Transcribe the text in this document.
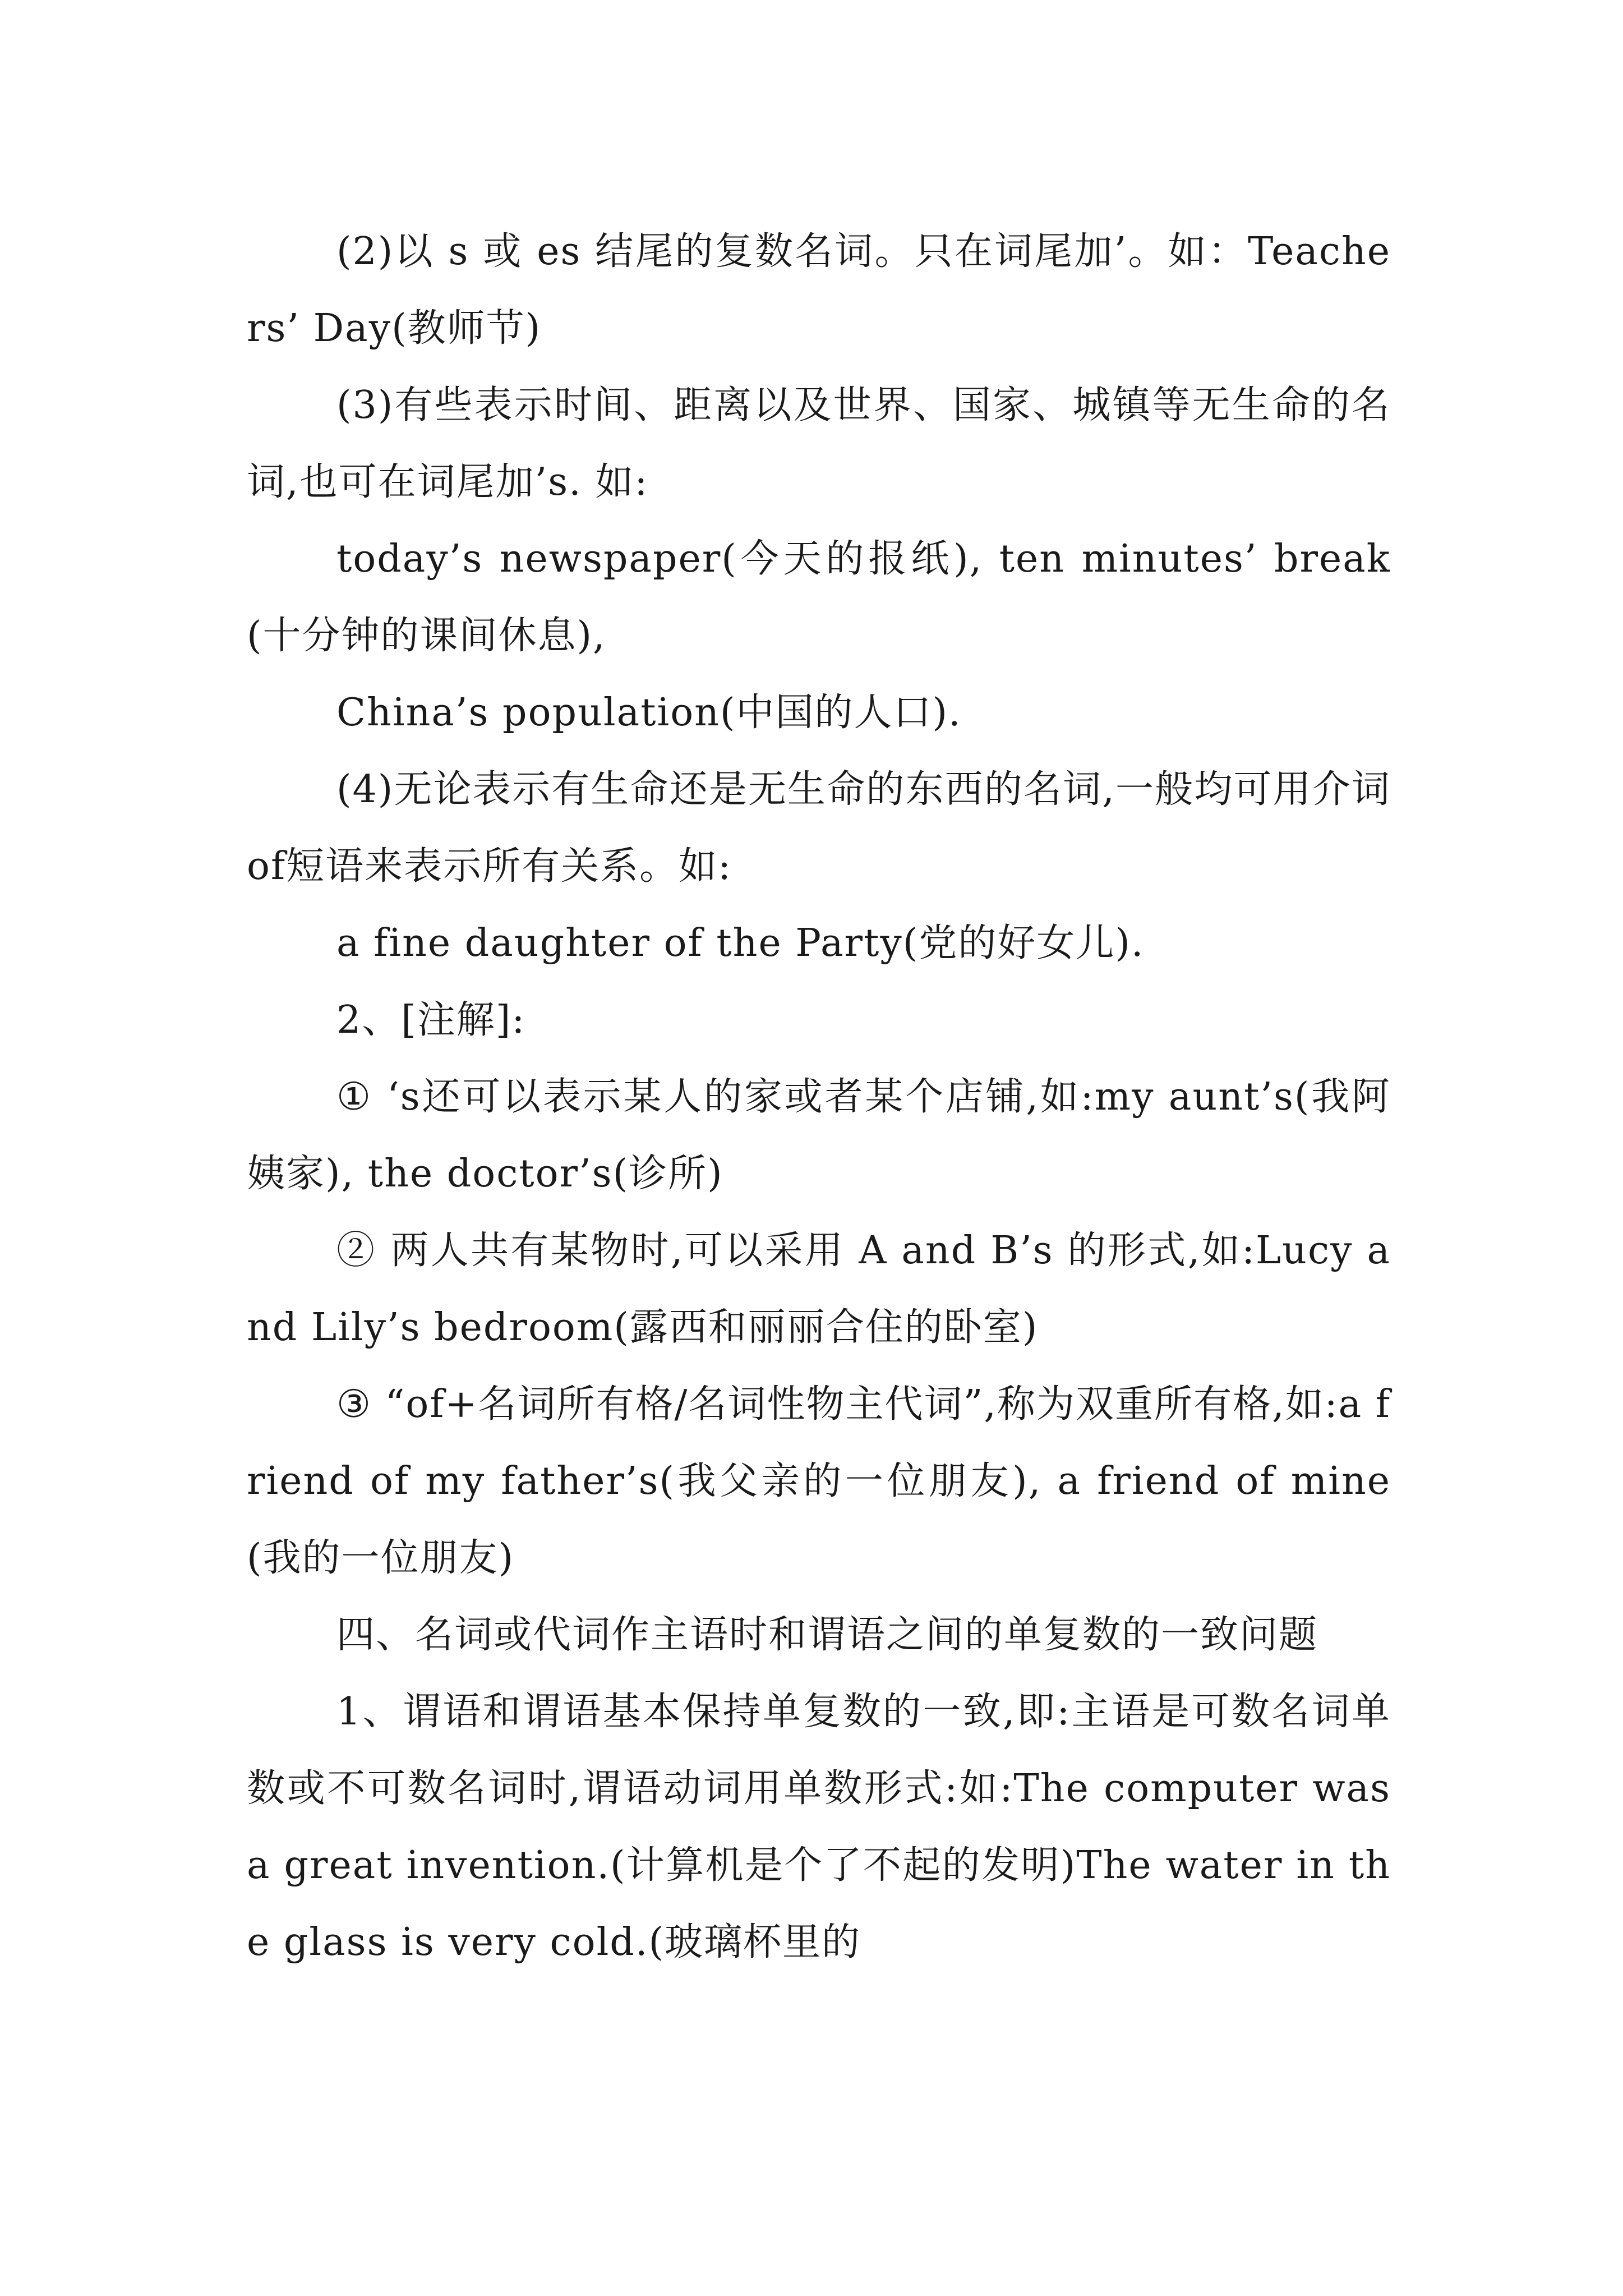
(2)以 s 或 es 结尾的复数名词。只在词尾加’。如：Teachers’ Day(教师节)

(3)有些表示时间、距离以及世界、国家、城镇等无生命的名词,也可在词尾加’s. 如:

today’s newspaper(今天的报纸), ten minutes’ break(十分钟的课间休息),

China’s population(中国的人口).

(4)无论表示有生命还是无生命的东西的名词,一般均可用介词of短语来表示所有关系。如:

a fine daughter of the Party(党的好女儿).

2、[注解]:

① ‘s还可以表示某人的家或者某个店铺,如:my aunt’s(我阿姨家), the doctor’s(诊所)

② 两人共有某物时,可以采用 A and B’s 的形式,如:Lucy and Lily’s bedroom(露西和丽丽合住的卧室)

③ “of+名词所有格/名词性物主代词”,称为双重所有格,如:a friend of my father’s(我父亲的一位朋友), a friend of mine(我的一位朋友)

四、名词或代词作主语时和谓语之间的单复数的一致问题

1、谓语和谓语基本保持单复数的一致,即:主语是可数名词单数或不可数名词时,谓语动词用单数形式:如:The computer was a great invention.(计算机是个了不起的发明)The water in the glass is very cold.(玻璃杯里的
